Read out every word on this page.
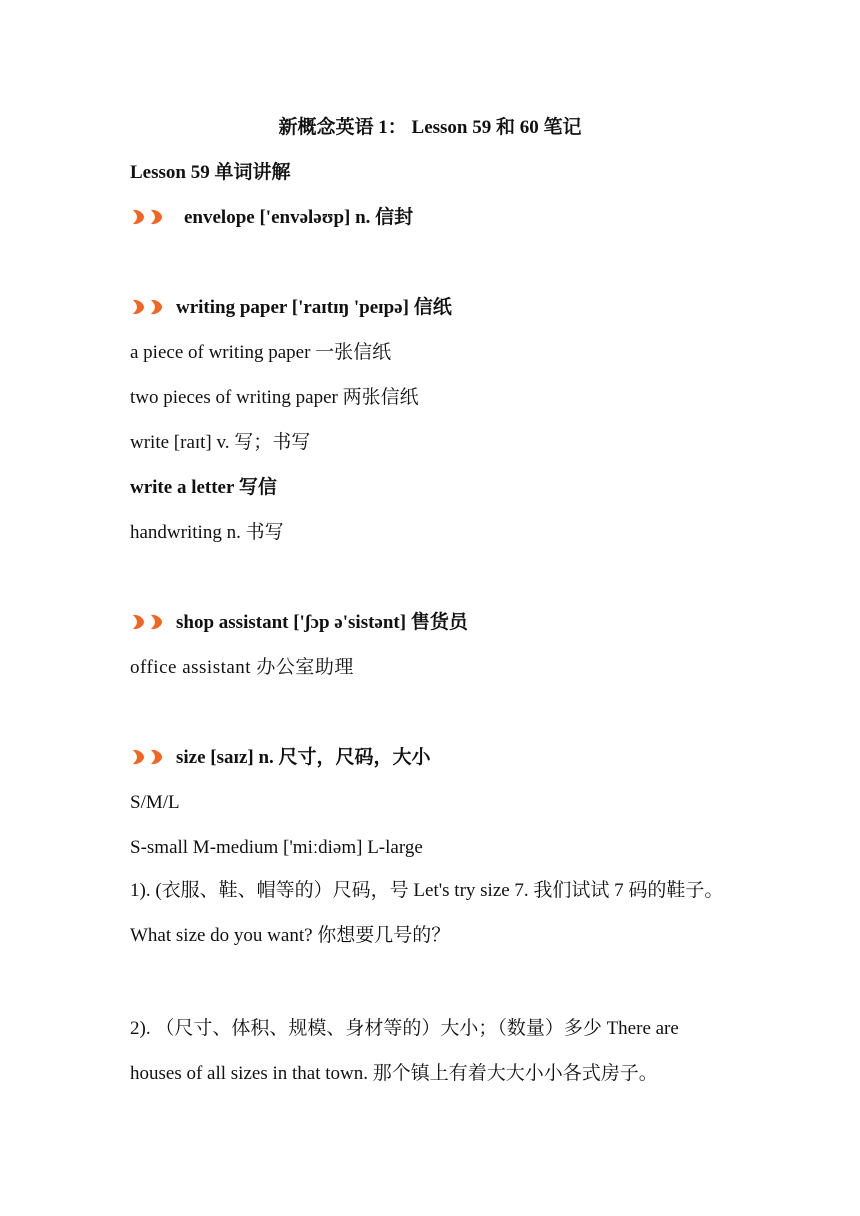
新概念英语 1： Lesson 59 和 60 笔记
Lesson 59 单词讲解
envelope ['envələʊp] n. 信封
writing paper ['raɪtɪŋ 'peɪpə] 信纸
a piece of writing paper 一张信纸
two pieces of writing paper 两张信纸
write [raɪt] v. 写；书写
write a letter 写信
handwriting n. 书写
shop assistant ['ʃɔp ə'sistənt] 售货员
office assistant 办公室助理
size [saɪz] n. 尺寸，尺码，大小
S/M/L
S-small M-medium ['miːdiəm] L-large
1). (衣服、鞋、帽等的）尺码，号 Let's try size 7. 我们试试 7 码的鞋子。What size do you want? 你想要几号的？
2). （尺寸、体积、规模、身材等的）大小；（数量）多少 There are houses of all sizes in that town. 那个镇上有着大大小小各式房子。
